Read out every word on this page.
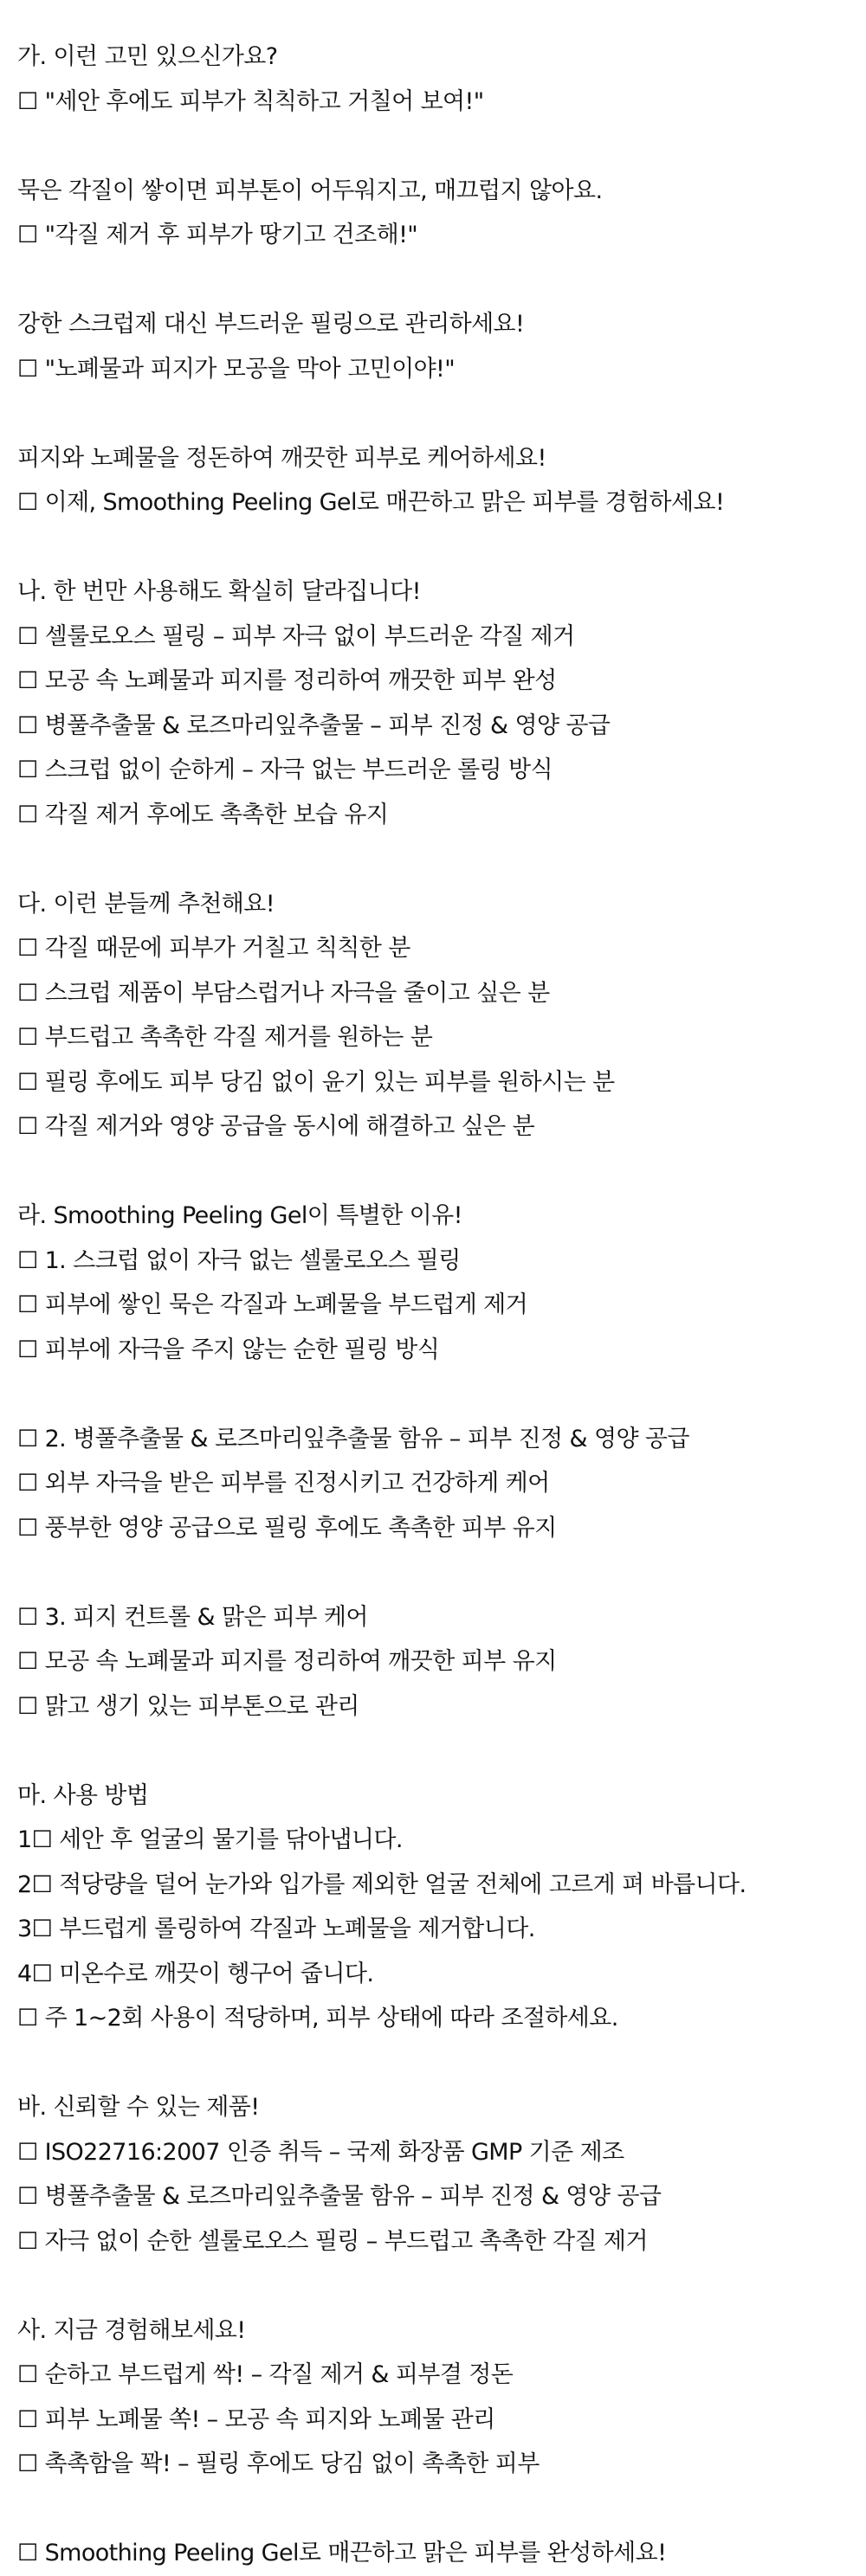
가. 이런 고민 있으신가요?
☐ "세안 후에도 피부가 칙칙하고 거칠어 보여!"
묵은 각질이 쌓이면 피부톤이 어두워지고, 매끄럽지 않아요.
☐ "각질 제거 후 피부가 땅기고 건조해!"
강한 스크럽제 대신 부드러운 필링으로 관리하세요!
☐ "노폐물과 피지가 모공을 막아 고민이야!"
피지와 노폐물을 정돈하여 깨끗한 피부로 케어하세요!
☐ 이제, Smoothing Peeling Gel로 매끈하고 맑은 피부를 경험하세요!
나. 한 번만 사용해도 확실히 달라집니다!
☐ 셀룰로오스 필링 – 피부 자극 없이 부드러운 각질 제거
☐ 모공 속 노폐물과 피지를 정리하여 깨끗한 피부 완성
☐ 병풀추출물 & 로즈마리잎추출물 – 피부 진정 & 영양 공급
☐ 스크럽 없이 순하게 – 자극 없는 부드러운 롤링 방식
☐ 각질 제거 후에도 촉촉한 보습 유지
다. 이런 분들께 추천해요!
☐ 각질 때문에 피부가 거칠고 칙칙한 분
☐ 스크럽 제품이 부담스럽거나 자극을 줄이고 싶은 분
☐ 부드럽고 촉촉한 각질 제거를 원하는 분
☐ 필링 후에도 피부 당김 없이 윤기 있는 피부를 원하시는 분
☐ 각질 제거와 영양 공급을 동시에 해결하고 싶은 분
라. Smoothing Peeling Gel이 특별한 이유!
☐ 1. 스크럽 없이 자극 없는 셀룰로오스 필링
☐ 피부에 쌓인 묵은 각질과 노폐물을 부드럽게 제거
☐ 피부에 자극을 주지 않는 순한 필링 방식
☐ 2. 병풀추출물 & 로즈마리잎추출물 함유 – 피부 진정 & 영양 공급
☐ 외부 자극을 받은 피부를 진정시키고 건강하게 케어
☐ 풍부한 영양 공급으로 필링 후에도 촉촉한 피부 유지
☐ 3. 피지 컨트롤 & 맑은 피부 케어
☐ 모공 속 노폐물과 피지를 정리하여 깨끗한 피부 유지
☐ 맑고 생기 있는 피부톤으로 관리
마. 사용 방법
1☐ 세안 후 얼굴의 물기를 닦아냅니다.
2☐ 적당량을 덜어 눈가와 입가를 제외한 얼굴 전체에 고르게 펴 바릅니다.
3☐ 부드럽게 롤링하여 각질과 노폐물을 제거합니다.
4☐ 미온수로 깨끗이 헹구어 줍니다.
☐ 주 1~2회 사용이 적당하며, 피부 상태에 따라 조절하세요.
바. 신뢰할 수 있는 제품!
☐ ISO22716:2007 인증 취득 – 국제 화장품 GMP 기준 제조
☐ 병풀추출물 & 로즈마리잎추출물 함유 – 피부 진정 & 영양 공급
☐ 자극 없이 순한 셀룰로오스 필링 – 부드럽고 촉촉한 각질 제거
사. 지금 경험해보세요!
☐ 순하고 부드럽게 싹! – 각질 제거 & 피부결 정돈
☐ 피부 노폐물 쏙! – 모공 속 피지와 노폐물 관리
☐ 촉촉함을 꽉! – 필링 후에도 당김 없이 촉촉한 피부
☐ Smoothing Peeling Gel로 매끈하고 맑은 피부를 완성하세요!
